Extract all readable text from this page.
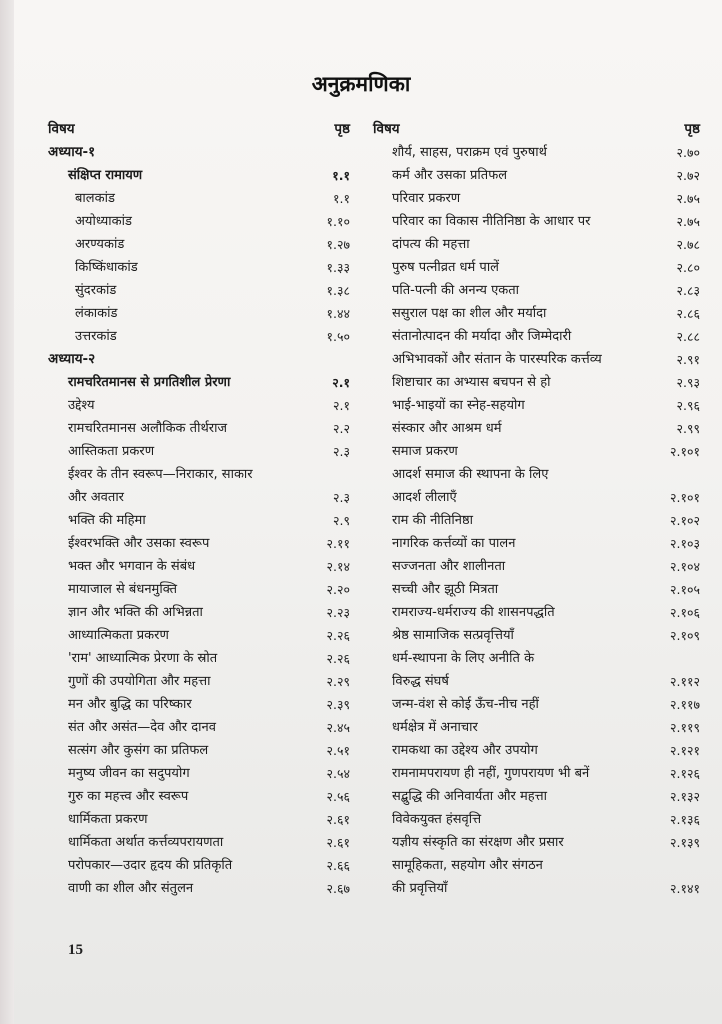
अनुक्रमणिका
विषय	पृष्ठ
अध्याय-१
संक्षिप्त रामायण	१.१
बालकांड	१.१
अयोध्याकांड	१.१०
अरण्यकांड	१.२७
किष्किंधाकांड	१.३३
सुंदरकांड	१.३८
लंकाकांड	१.४४
उत्तरकांड	१.५०
अध्याय-२
रामचरितमानस से प्रगतिशील प्रेरणा	२.१
उद्देश्य	२.१
रामचरितमानस अलौकिक तीर्थराज	२.२
आस्तिकता प्रकरण	२.३
ईश्वर के तीन स्वरूप—निराकार, साकार
और अवतार	२.३
भक्ति की महिमा	२.९
ईश्वरभक्ति और उसका स्वरूप	२.११
भक्त और भगवान के संबंध	२.१४
मायाजाल से बंधनमुक्ति	२.२०
ज्ञान और भक्ति की अभिन्नता	२.२३
आध्यात्मिकता प्रकरण	२.२६
'राम' आध्यात्मिक प्रेरणा के स्रोत	२.२६
गुणों की उपयोगिता और महत्ता	२.२९
मन और बुद्धि का परिष्कार	२.३९
संत और असंत—देव और दानव	२.४५
सत्संग और कुसंग का प्रतिफल	२.५१
मनुष्य जीवन का सदुपयोग	२.५४
गुरु का महत्त्व और स्वरूप	२.५६
धार्मिकता प्रकरण	२.६१
धार्मिकता अर्थात कर्त्तव्यपरायणता	२.६१
परोपकार—उदार हृदय की प्रतिकृति	२.६६
वाणी का शील और संतुलन	२.६७
विषय	पृष्ठ
शौर्य, साहस, पराक्रम एवं पुरुषार्थ	२.७०
कर्म और उसका प्रतिफल	२.७२
परिवार प्रकरण	२.७५
परिवार का विकास नीतिनिष्ठा के आधार पर	२.७५
दांपत्य की महत्ता	२.७८
पुरुष पत्नीव्रत धर्म पालें	२.८०
पति-पत्नी की अनन्य एकता	२.८३
ससुराल पक्ष का शील और मर्यादा	२.८६
संतानोत्पादन की मर्यादा और जिम्मेदारी	२.८८
अभिभावकों और संतान के पारस्परिक कर्त्तव्य	२.९१
शिष्टाचार का अभ्यास बचपन से हो	२.९३
भाई-भाइयों का स्नेह-सहयोग	२.९६
संस्कार और आश्रम धर्म	२.९९
समाज प्रकरण	२.१०१
आदर्श समाज की स्थापना के लिए
आदर्श लीलाएँ	२.१०१
राम की नीतिनिष्ठा	२.१०२
नागरिक कर्त्तव्यों का पालन	२.१०३
सज्जनता और शालीनता	२.१०४
सच्ची और झूठी मित्रता	२.१०५
रामराज्य-धर्मराज्य की शासनपद्धति	२.१०६
श्रेष्ठ सामाजिक सत्प्रवृत्तियाँ	२.१०९
धर्म-स्थापना के लिए अनीति के
विरुद्ध संघर्ष	२.११२
जन्म-वंश से कोई ऊँच-नीच नहीं	२.११७
धर्मक्षेत्र में अनाचार	२.११९
रामकथा का उद्देश्य और उपयोग	२.१२१
रामनामपरायण ही नहीं, गुणपरायण भी बनें	२.१२६
सद्बुद्धि की अनिवार्यता और महत्ता	२.१३२
विवेकयुक्त हंसवृत्ति	२.१३६
यज्ञीय संस्कृति का संरक्षण और प्रसार	२.१३९
सामूहिकता, सहयोग और संगठन
की प्रवृत्तियाँ	२.१४१
15
